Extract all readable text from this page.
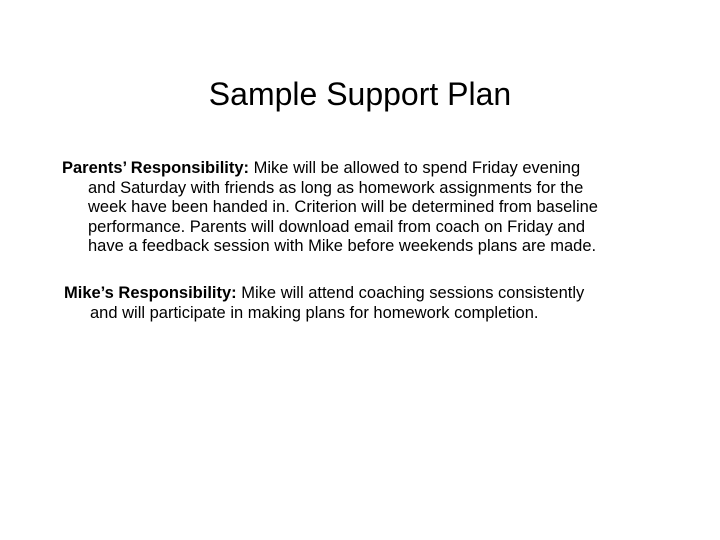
Sample Support Plan

Parents’ Responsibility: Mike will be allowed to spend Friday evening
and Saturday with friends as long as homework assignments for the
week have been handed in. Criterion will be determined from baseline
performance. Parents will download email from coach on Friday and
have a feedback session with Mike before weekends plans are made.

Mike’s Responsibility: Mike will attend coaching sessions consistently
and will participate in making plans for homework completion.
